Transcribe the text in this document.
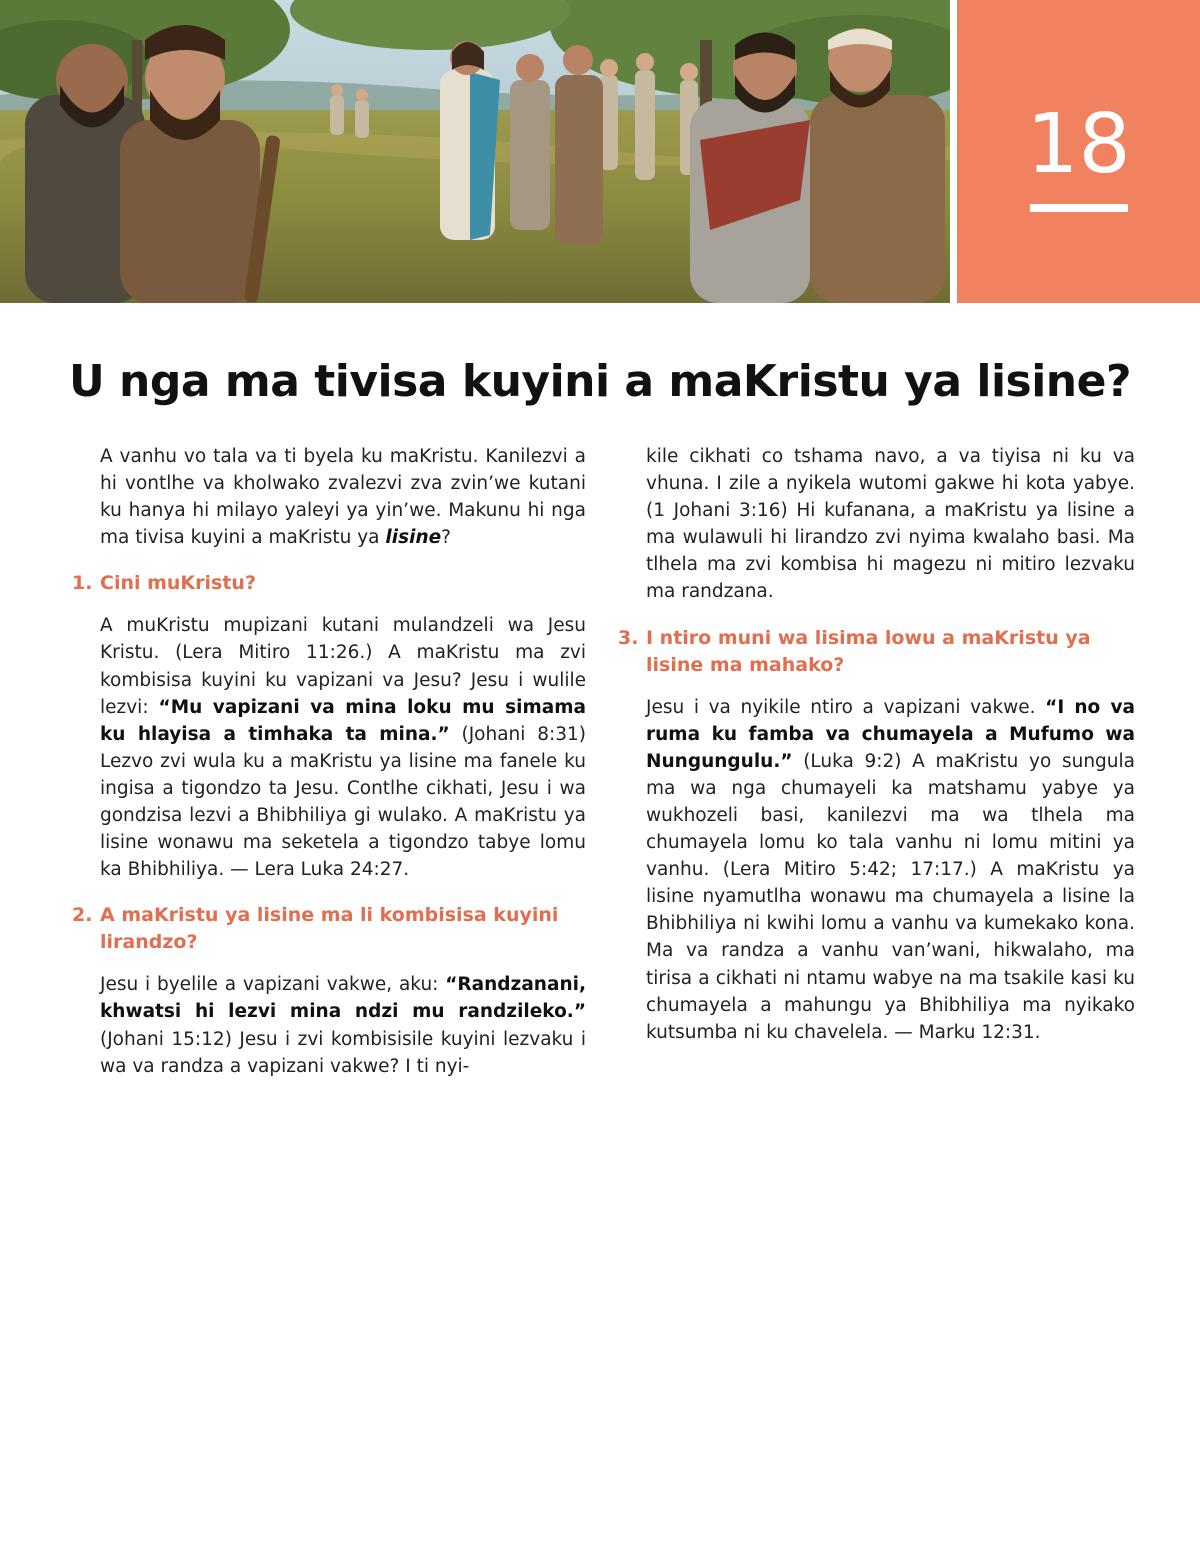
18
U nga ma tivisa kuyini a maKristu ya lisine?

A vanhu vo tala va ti byela ku maKristu. Kanilezvi a hi vontlhe va kholwako zvalezvi zva zvin’we kutani ku hanya hi milayo yaleyi ya yin’we. Makunu hi nga ma tivisa kuyini a maKristu ya lisine?

1. Cini muKristu?

A muKristu mupizani kutani mulandzeli wa Jesu Kristu. (Lera Mitiro 11:26.) A maKristu ma zvi kombisisa kuyini ku vapizani va Jesu? Jesu i wulile lezvi: “Mu vapizani va mina loku mu simama ku hlayisa a timhaka ta mina.” (Johani 8:31) Lezvo zvi wula ku a maKristu ya lisine ma fanele ku ingisa a tigondzo ta Jesu. Contlhe cikhati, Jesu i wa gondzisa lezvi a Bhibhiliya gi wulako. A maKristu ya lisine wonawu ma seketela a tigondzo tabye lomu ka Bhibhiliya. — Lera Luka 24:27.

2. A maKristu ya lisine ma li kombisisa kuyini lirandzo?

Jesu i byelile a vapizani vakwe, aku: “Randzanani, khwatsi hi lezvi mina ndzi mu randzileko.” (Johani 15:12) Jesu i zvi kombisisile kuyini lezvaku i wa va randza a vapizani vakwe? I ti nyi-

kile cikhati co tshama navo, a va tiyisa ni ku va vhuna. I zile a nyikela wutomi gakwe hi kota yabye. (1 Johani 3:16) Hi kufanana, a maKristu ya lisine a ma wulawuli hi lirandzo zvi nyima kwalaho basi. Ma tlhela ma zvi kombisa hi magezu ni mitiro lezvaku ma randzana.

3. I ntiro muni wa lisima lowu a maKristu ya lisine ma mahako?

Jesu i va nyikile ntiro a vapizani vakwe. “I no va ruma ku famba va chumayela a Mufumo wa Nungungulu.” (Luka 9:2) A maKristu yo sungula ma wa nga chumayeli ka matshamu yabye ya wukhozeli basi, kanilezvi ma wa tlhela ma chumayela lomu ko tala vanhu ni lomu mitini ya vanhu. (Lera Mitiro 5:42; 17:17.) A maKristu ya lisine nyamutlha wonawu ma chumayela a lisine la Bhibhiliya ni kwihi lomu a vanhu va kumekako kona. Ma va randza a vanhu van’wani, hikwalaho, ma tirisa a cikhati ni ntamu wabye na ma tsakile kasi ku chumayela a mahungu ya Bhibhiliya ma nyikako kutsumba ni ku chavelela. — Marku 12:31.
